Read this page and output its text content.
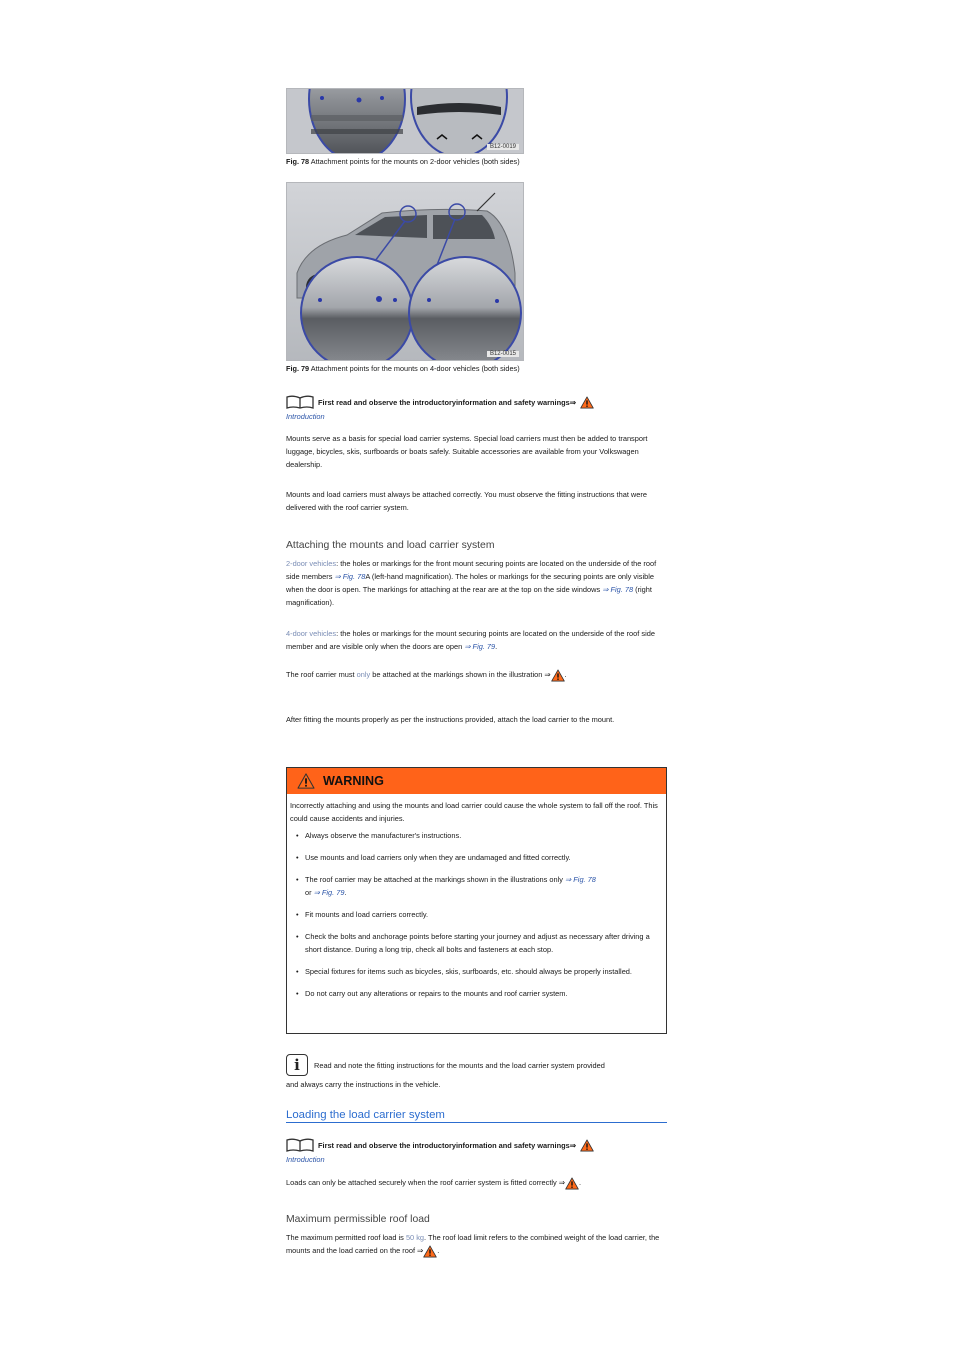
B12-0019
Fig. 78 Attachment points for the mounts on 2-door vehicles (both sides)
B12-0015
Fig. 79 Attachment points for the mounts on 4-door vehicles (both sides)
First read and observe the introductoryinformation and safety warnings⇒
Introduction
Mounts serve as a basis for special load carrier systems. Special load carriers must then be added to transport luggage, bicycles, skis, surfboards or boats safely. Suitable accessories are available from your Volkswagen dealership.
Mounts and load carriers must always be attached correctly. You must observe the fitting instructions that were delivered with the roof carrier system.
Attaching the mounts and load carrier system
2-door vehicles: the holes or markings for the front mount securing points are located on the underside of the roof side members ⇒ Fig. 78A (left-hand magnification). The holes or markings for the securing points are only visible when the door is open. The markings for attaching at the rear are at the top on the side windows ⇒ Fig. 78 (right magnification).
4-door vehicles: the holes or markings for the mount securing points are located on the underside of the roof side member and are visible only when the doors are open ⇒ Fig. 79.
The roof carrier must only be attached at the markings shown in the illustration ⇒ .
After fitting the mounts properly as per the instructions provided, attach the load carrier to the mount.
WARNING
Incorrectly attaching and using the mounts and load carrier could cause the whole system to fall off the roof. This could cause accidents and injuries.
• Always observe the manufacturer's instructions.
• Use mounts and load carriers only when they are undamaged and fitted correctly.
• The roof carrier may be attached at the markings shown in the illustrations only ⇒ Fig. 78
or ⇒ Fig. 79.
• Fit mounts and load carriers correctly.
• Check the bolts and anchorage points before starting your journey and adjust as necessary after driving a short distance. During a long trip, check all bolts and fasteners at each stop.
• Special fixtures for items such as bicycles, skis, surfboards, etc. should always be properly installed.
• Do not carry out any alterations or repairs to the mounts and roof carrier system.
i	Read and note the fitting instructions for the mounts and the load carrier system provided
and always carry the instructions in the vehicle.
Loading the load carrier system
First read and observe the introductoryinformation and safety warnings⇒
Introduction
Loads can only be attached securely when the roof carrier system is fitted correctly ⇒ .
Maximum permissible roof load
The maximum permitted roof load is 50 kg. The roof load limit refers to the combined weight of the load carrier, the mounts and the load carried on the roof ⇒ .
